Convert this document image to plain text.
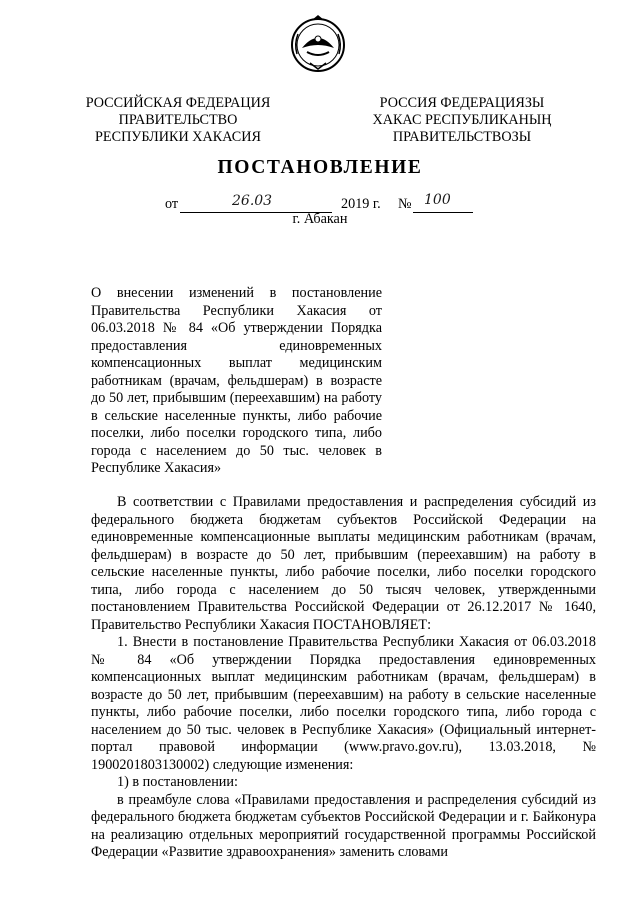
РОССИЙСКАЯ ФЕДЕРАЦИЯ
ПРАВИТЕЛЬСТВО
РЕСПУБЛИКИ ХАКАСИЯ
РОССИЯ ФЕДЕРАЦИЯЗЫ
ХАКАС РЕСПУБЛИКАНЫҢ
ПРАВИТЕЛЬСТВОЗЫ
ПОСТАНОВЛЕНИЕ
от	26.03	2019 г. № 100
г. Абакан
О внесении изменений в постановление Правительства Республики Хакасия от 06.03.2018 № 84 «Об утверждении Порядка предоставления единовременных компенсационных выплат медицинским работникам (врачам, фельдшерам) в возрасте до 50 лет, прибывшим (переехавшим) на работу в сельские населенные пункты, либо рабочие поселки, либо поселки городского типа, либо города с населением до 50 тыс. человек в Республике Хакасия»

В соответствии с Правилами предоставления и распределения субсидий из федерального бюджета бюджетам субъектов Российской Федерации на единовременные компенсационные выплаты медицинским работникам (врачам, фельдшерам) в возрасте до 50 лет, прибывшим (переехавшим) на работу в сельские населенные пункты, либо рабочие поселки, либо поселки городского типа, либо города с населением до 50 тысяч человек, утвержденными постановлением Правительства Российской Федерации от 26.12.2017 № 1640, Правительство Республики Хакасия ПОСТАНОВЛЯЕТ:

1. Внести в постановление Правительства Республики Хакасия от 06.03.2018 № 84 «Об утверждении Порядка предоставления единовременных компенсационных выплат медицинским работникам (врачам, фельдшерам) в возрасте до 50 лет, прибывшим (переехавшим) на работу в сельские населенные пункты, либо рабочие поселки, либо поселки городского типа, либо города с населением до 50 тыс. человек в Республике Хакасия» (Официальный интернет-портал правовой информации (www.pravo.gov.ru), 13.03.2018, № 1900201803130002) следующие изменения:

1) в постановлении:

в преамбуле слова «Правилами предоставления и распределения субсидий из федерального бюджета бюджетам субъектов Российской Федерации и г. Байконура на реализацию отдельных мероприятий государственной программы Российской Федерации «Развитие здравоохранения» заменить словами
